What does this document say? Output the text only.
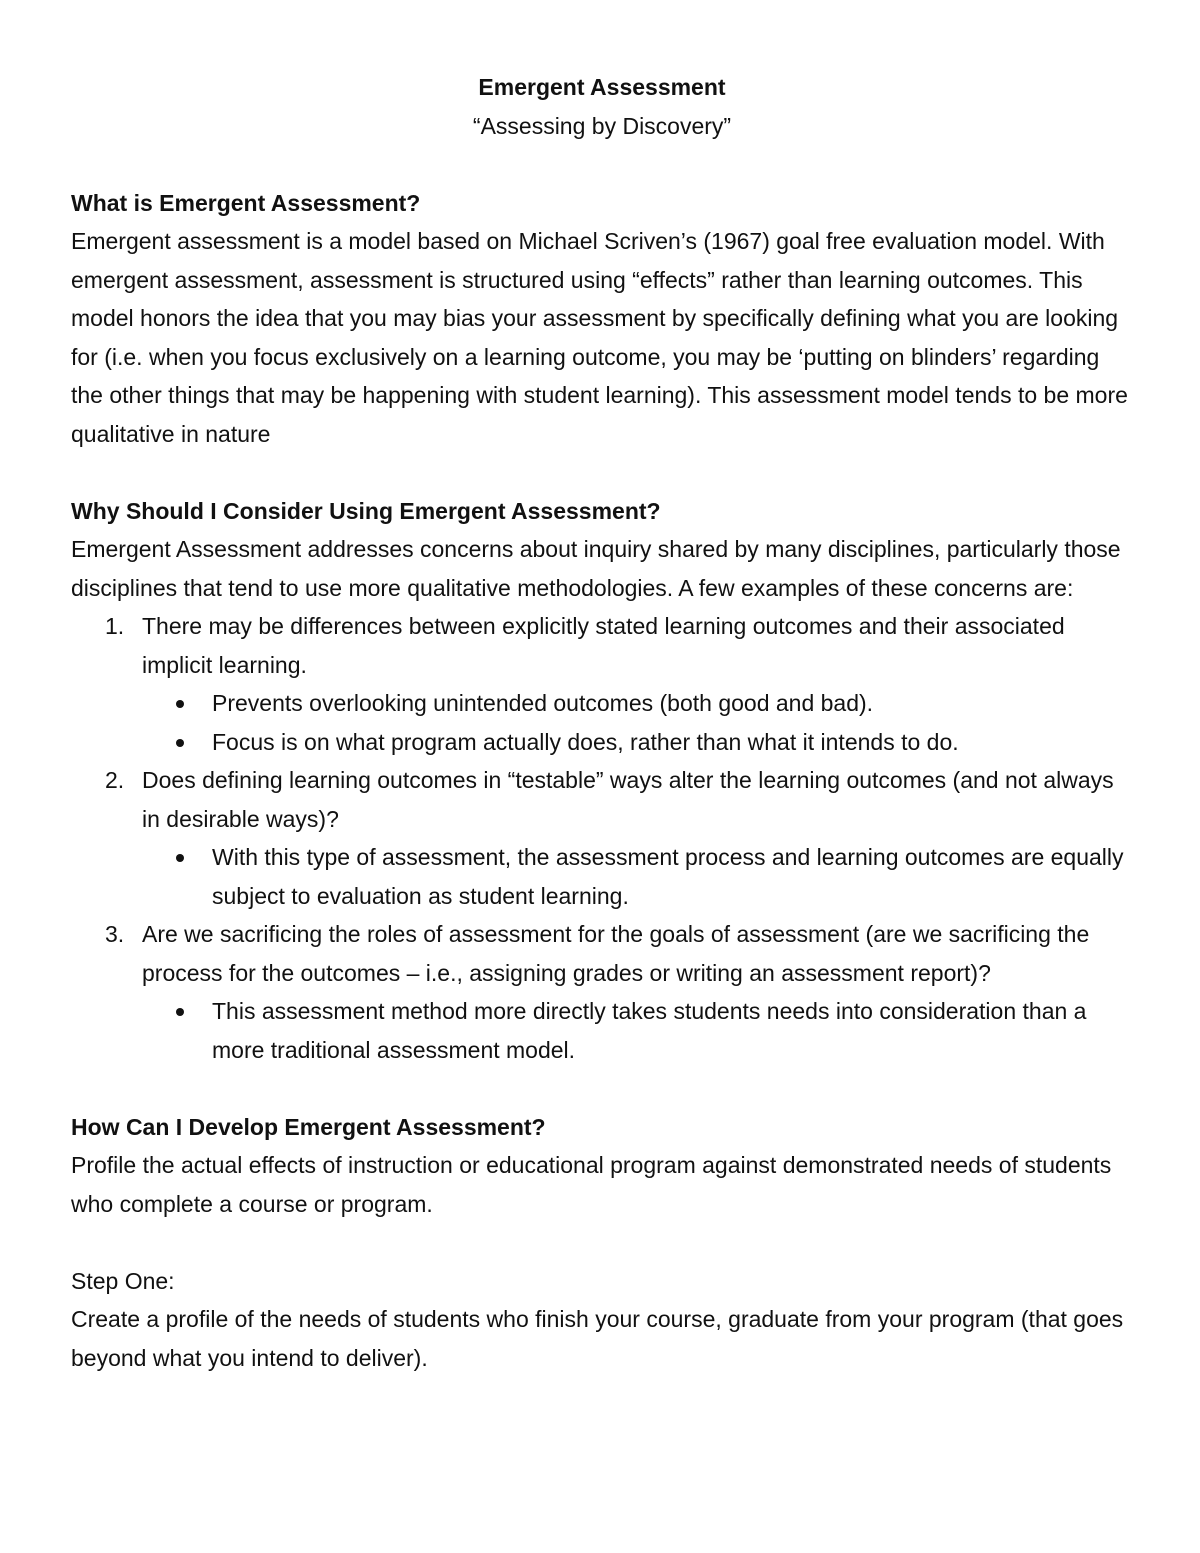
Emergent Assessment
“Assessing by Discovery”
What is Emergent Assessment?

Emergent assessment is a model based on Michael Scriven’s (1967) goal free evaluation model. With emergent assessment, assessment is structured using “effects” rather than learning outcomes. This model honors the idea that you may bias your assessment by specifically defining what you are looking for (i.e. when you focus exclusively on a learning outcome, you may be ‘putting on blinders’ regarding the other things that may be happening with student learning). This assessment model tends to be more qualitative in nature

Why Should I Consider Using Emergent Assessment?

Emergent Assessment addresses concerns about inquiry shared by many disciplines, particularly those disciplines that tend to use more qualitative methodologies. A few examples of these concerns are:

1. There may be differences between explicitly stated learning outcomes and their associated implicit learning.
Prevents overlooking unintended outcomes (both good and bad).
Focus is on what program actually does, rather than what it intends to do.
2. Does defining learning outcomes in “testable” ways alter the learning outcomes (and not always in desirable ways)?
With this type of assessment, the assessment process and learning outcomes are equally subject to evaluation as student learning.
3. Are we sacrificing the roles of assessment for the goals of assessment (are we sacrificing the process for the outcomes – i.e., assigning grades or writing an assessment report)?
This assessment method more directly takes students needs into consideration than a more traditional assessment model.
How Can I Develop Emergent Assessment?

Profile the actual effects of instruction or educational program against demonstrated needs of students who complete a course or program.

Step One:

Create a profile of the needs of students who finish your course, graduate from your program (that goes beyond what you intend to deliver).
